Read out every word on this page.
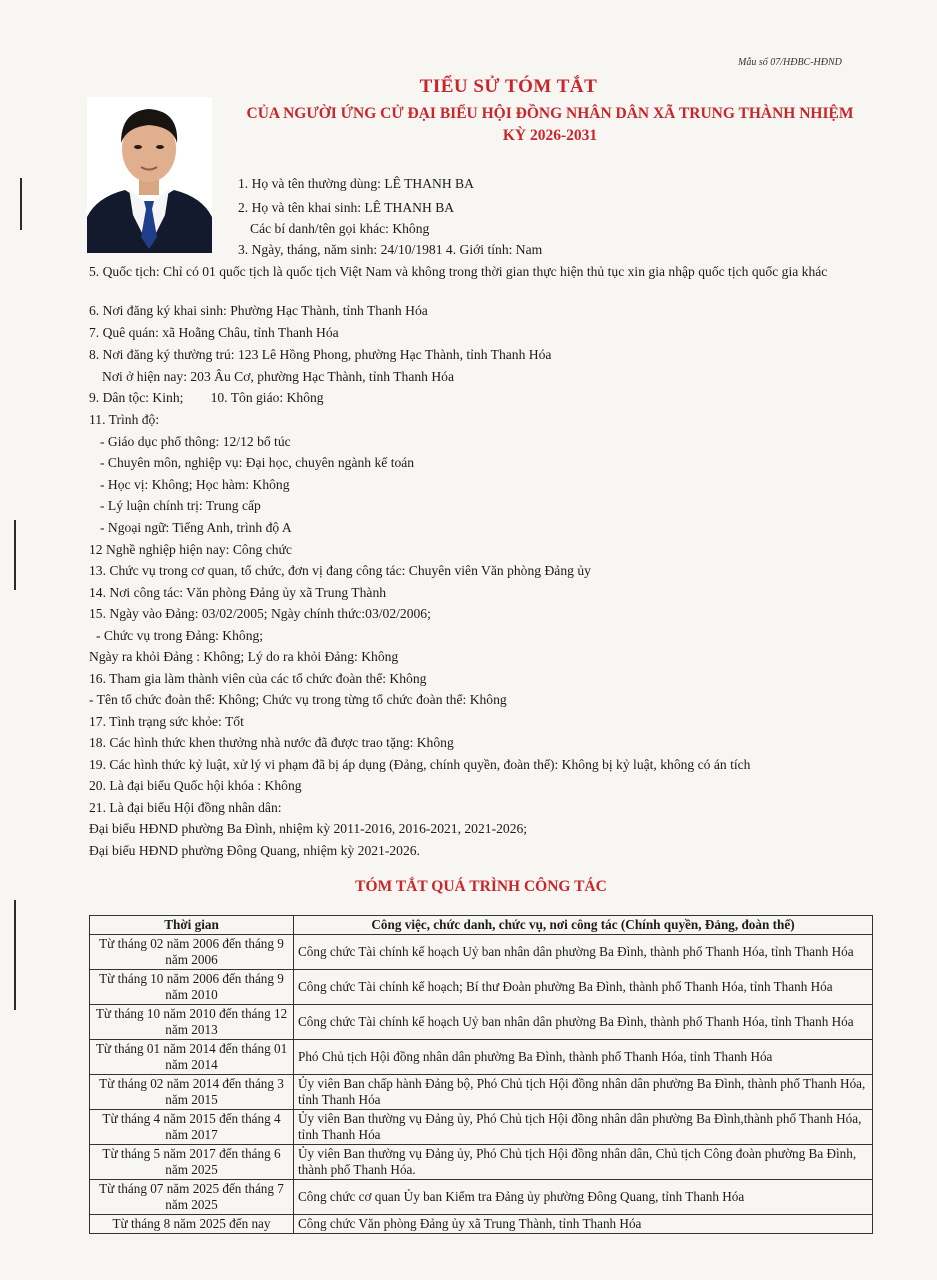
Mẫu số 07/HĐBC-HĐND
TIỂU SỬ TÓM TẮT
CỦA NGƯỜI ỨNG CỬ ĐẠI BIỂU HỘI ĐỒNG NHÂN DÂN XÃ TRUNG THÀNH NHIỆM KỲ 2026-2031
1. Họ và tên thường dùng: LÊ THANH BA
2. Họ và tên khai sinh: LÊ THANH BA
Các bí danh/tên gọi khác: Không
3. Ngày, tháng, năm sinh: 24/10/1981 4. Giới tính: Nam
5. Quốc tịch: Chỉ có 01 quốc tịch là quốc tịch Việt Nam và không trong thời gian thực hiện thủ tục xin gia nhập quốc tịch quốc gia khác
6. Nơi đăng ký khai sinh: Phường Hạc Thành, tỉnh Thanh Hóa
7. Quê quán: xã Hoằng Châu, tỉnh Thanh Hóa
8. Nơi đăng ký thường trú: 123 Lê Hồng Phong, phường Hạc Thành, tỉnh Thanh Hóa
Nơi ở hiện nay: 203 Âu Cơ, phường Hạc Thành, tỉnh Thanh Hóa
9. Dân tộc: Kinh;        10. Tôn giáo: Không
11. Trình độ:
- Giáo dục phổ thông: 12/12 bổ túc
- Chuyên môn, nghiệp vụ: Đại học, chuyên ngành kế toán
- Học vị: Không; Học hàm: Không
- Lý luận chính trị: Trung cấp
- Ngoại ngữ: Tiếng Anh, trình độ A
12 Nghề nghiệp hiện nay: Công chức
13. Chức vụ trong cơ quan, tổ chức, đơn vị đang công tác: Chuyên viên Văn phòng Đảng ủy
14. Nơi công tác: Văn phòng Đảng ủy xã Trung Thành
15. Ngày vào Đảng: 03/02/2005; Ngày chính thức:03/02/2006;
- Chức vụ trong Đảng: Không;
Ngày ra khỏi Đảng : Không; Lý do ra khỏi Đảng: Không
16. Tham gia làm thành viên của các tổ chức đoàn thể: Không
- Tên tổ chức đoàn thể: Không; Chức vụ trong từng tổ chức đoàn thể: Không
17. Tình trạng sức khỏe: Tốt
18. Các hình thức khen thưởng nhà nước đã được trao tặng: Không
19. Các hình thức kỷ luật, xử lý vi phạm đã bị áp dụng (Đảng, chính quyền, đoàn thể): Không bị kỷ luật, không có án tích
20. Là đại biểu Quốc hội khóa : Không
21. Là đại biểu Hội đồng nhân dân:
Đại biểu HĐND phường Ba Đình, nhiệm kỳ 2011-2016, 2016-2021, 2021-2026;
Đại biểu HĐND phường Đông Quang, nhiệm kỳ 2021-2026.
TÓM TẮT QUÁ TRÌNH CÔNG TÁC
Thời gian	Công việc, chức danh, chức vụ, nơi công tác (Chính quyền, Đảng, đoàn thể)
Từ tháng 02 năm 2006 đến tháng 9 năm 2006	Công chức Tài chính kế hoạch Uỷ ban nhân dân phường Ba Đình, thành phố Thanh Hóa, tỉnh Thanh Hóa
Từ tháng 10 năm 2006 đến tháng 9 năm 2010	Công chức Tài chính kế hoạch; Bí thư Đoàn phường Ba Đình, thành phố Thanh Hóa, tỉnh Thanh Hóa
Từ tháng 10 năm 2010 đến tháng 12 năm 2013	Công chức Tài chính kế hoạch Uỷ ban nhân dân phường Ba Đình, thành phố Thanh Hóa, tỉnh Thanh Hóa
Từ tháng 01 năm 2014 đến tháng 01 năm 2014	Phó Chủ tịch Hội đồng nhân dân phường Ba Đình, thành phố Thanh Hóa, tỉnh Thanh Hóa
Từ tháng 02 năm 2014 đến tháng 3 năm 2015	Ủy viên Ban chấp hành Đảng bộ, Phó Chủ tịch Hội đồng nhân dân phường Ba Đình, thành phố Thanh Hóa, tỉnh Thanh Hóa
Từ tháng 4 năm 2015 đến tháng 4 năm 2017	Ủy viên Ban thường vụ Đảng ủy, Phó Chủ tịch Hội đồng nhân dân phường Ba Đình,thành phố Thanh Hóa, tỉnh Thanh Hóa
Từ tháng 5 năm 2017 đến tháng 6 năm 2025	Ủy viên Ban thường vụ Đảng ủy, Phó Chủ tịch Hội đồng nhân dân, Chủ tịch Công đoàn phường Ba Đình, thành phố Thanh Hóa.
Từ tháng 07 năm 2025 đến tháng 7 năm 2025	Công chức cơ quan Ủy ban Kiểm tra Đảng ủy phường Đông Quang, tỉnh Thanh Hóa
Từ tháng 8 năm 2025 đến nay	Công chức Văn phòng Đảng ủy xã Trung Thành, tỉnh Thanh Hóa
